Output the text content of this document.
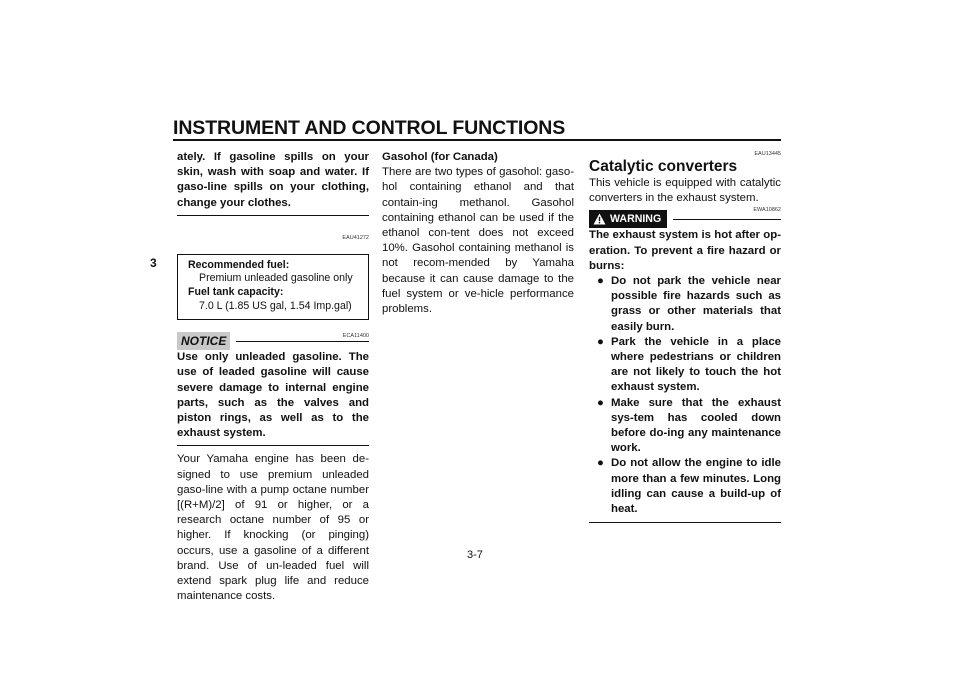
INSTRUMENT AND CONTROL FUNCTIONS
3
ately. If gasoline spills on your skin, wash with soap and water. If gaso-line spills on your clothing, change your clothes.
EAU41272
Recommended fuel:
Premium unleaded gasoline only
Fuel tank capacity:
7.0 L (1.85 US gal, 1.54 Imp.gal)
NOTICE	ECA11400
Use only unleaded gasoline. The use of leaded gasoline will cause severe damage to internal engine parts, such as the valves and piston rings, as well as to the exhaust system.
Your Yamaha engine has been de-signed to use premium unleaded gaso-line with a pump octane number [(R+M)/2] of 91 or higher, or a research octane number of 95 or higher. If knocking (or pinging) occurs, use a gasoline of a different brand. Use of un-leaded fuel will extend spark plug life and reduce maintenance costs.
Gasohol (for Canada)
There are two types of gasohol: gaso-hol containing ethanol and that contain-ing methanol. Gasohol containing ethanol can be used if the ethanol con-tent does not exceed 10%. Gasohol containing methanol is not recom-mended by Yamaha because it can cause damage to the fuel system or ve-hicle performance problems.
EAU13445
Catalytic converters
This vehicle is equipped with catalytic converters in the exhaust system.
WARNING
EWA10862
The exhaust system is hot after op-eration. To prevent a fire hazard or burns:
● Do not park the vehicle near possible fire hazards such as grass or other materials that easily burn.
● Park the vehicle in a place where pedestrians or children are not likely to touch the hot exhaust system.
● Make sure that the exhaust sys-tem has cooled down before do-ing any maintenance work.
● Do not allow the engine to idle more than a few minutes. Long idling can cause a build-up of heat.
3-7
